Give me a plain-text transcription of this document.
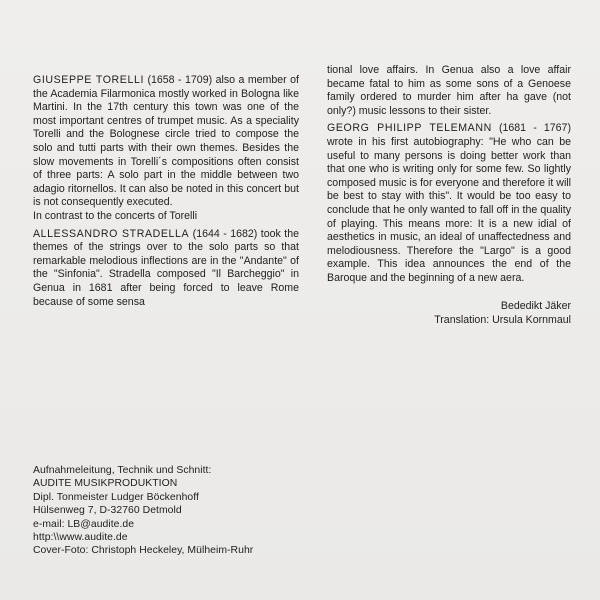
GIUSEPPE TORELLI (1658 - 1709) also a member of the Academia Filarmonica mostly worked in Bologna like Martini. In the 17th century this town was one of the most important centres of trumpet music. As a speciality Torelli and the Bolognese circle tried to compose the solo and tutti parts with their own themes. Besides the slow movements in Torelli´s compositions often consist of three parts: A solo part in the middle between two adagio ritornellos. It can also be noted in this concert but is not consequently executed.

In contrast to the concerts of Torelli

ALLESSANDRO STRADELLA (1644 - 1682) took the themes of the strings over to the solo parts so that remarkable melodious inflections are in the "Andante" of the "Sinfonia". Stradella composed "Il Barcheggio" in Genua in 1681 after being forced to leave Rome because of some sensa

tional love affairs. In Genua also a love affair became fatal to him as some sons of a Genoese family ordered to murder him after ha gave (not only?) music lessons to their sister.

GEORG PHILIPP TELEMANN (1681 - 1767) wrote in his first autobiography: "He who can be useful to many persons is doing better work than that one who is writing only for some few. So lightly composed music is for everyone and therefore it will be best to stay with this". It would be too easy to conclude that he only wanted to fall off in the quality of playing. This means more: It is a new idial of aesthetics in music, an ideal of unaffectedness and melodiousness. Therefore the "Largo" is a good example. This idea announces the end of the Baroque and the beginning of a new aera.

Bededikt Jäker
Translation: Ursula Kornmaul
Aufnahmeleitung, Technik und Schnitt:
AUDITE MUSIKPRODUKTION
Dipl. Tonmeister Ludger Böckenhoff
Hülsenweg 7, D-32760 Detmold
e-mail: LB@audite.de
http:\\www.audite.de
Cover-Foto: Christoph Heckeley, Mülheim-Ruhr
